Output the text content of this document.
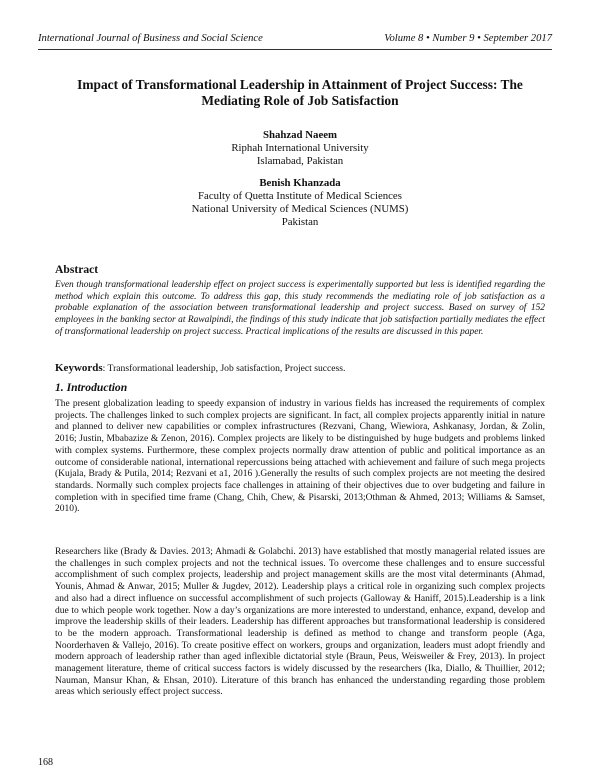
International Journal of Business and Social Science	Volume 8 • Number 9 • September 2017
Impact of Transformational Leadership in Attainment of Project Success: The Mediating Role of Job Satisfaction
Shahzad Naeem
Riphah International University
Islamabad, Pakistan
Benish Khanzada
Faculty of Quetta Institute of Medical Sciences
National University of Medical Sciences (NUMS)
Pakistan
Abstract
Even though transformational leadership effect on project success is experimentally supported but less is identified regarding the method which explain this outcome. To address this gap, this study recommends the mediating role of job satisfaction as a probable explanation of the association between transformational leadership and project success. Based on survey of 152 employees in the banking sector at Rawalpindi, the findings of this study indicate that job satisfaction partially mediates the effect of transformational leadership on project success. Practical implications of the results are discussed in this paper.
Keywords: Transformational leadership, Job satisfaction, Project success.
1. Introduction
The present globalization leading to speedy expansion of industry in various fields has increased the requirements of complex projects. The challenges linked to such complex projects are significant. In fact, all complex projects apparently initial in nature and planned to deliver new capabilities or complex infrastructures (Rezvani, Chang, Wiewiora, Ashkanasy, Jordan, & Zolin, 2016; Justin, Mbabazize & Zenon, 2016). Complex projects are likely to be distinguished by huge budgets and problems linked with complex systems. Furthermore, these complex projects normally draw attention of public and political importance as an outcome of considerable national, international repercussions being attached with achievement and failure of such mega projects (Kujala, Brady & Putila, 2014; Rezvani et a1, 2016 ).Generally the results of such complex projects are not meeting the desired standards. Normally such complex projects face challenges in attaining of their objectives due to over budgeting and failure in completion with in specified time frame (Chang, Chih, Chew, & Pisarski, 2013;Othman & Ahmed, 2013; Williams & Samset, 2010).
Researchers like (Brady & Davies. 2013; Ahmadi & Golabchi. 2013) have established that mostly managerial related issues are the challenges in such complex projects and not the technical issues. To overcome these challenges and to ensure successful accomplishment of such complex projects, leadership and project management skills are the most vital determinants (Ahmad, Younis, Ahmad & Anwar, 2015; Muller & Jugdev, 2012). Leadership plays a critical role in organizing such complex projects and also had a direct influence on successful accomplishment of such projects (Galloway & Haniff, 2015).Leadership is a link due to which people work together. Now a day’s organizations are more interested to understand, enhance, expand, develop and improve the leadership skills of their leaders. Leadership has different approaches but transformational leadership is considered to be the modern approach. Transformational leadership is defined as method to change and transform people (Aga, Noorderhaven & Vallejo, 2016). To create positive effect on workers, groups and organization, leaders must adopt friendly and modern approach of leadership rather than aged inflexible dictatorial style (Braun, Peus, Weisweiler & Frey, 2013). In project management literature, theme of critical success factors is widely discussed by the researchers (Ika, Diallo, & Thuillier, 2012; Nauman, Mansur Khan, & Ehsan, 2010). Literature of this branch has enhanced the understanding regarding those problem areas which seriously effect project success.
168
